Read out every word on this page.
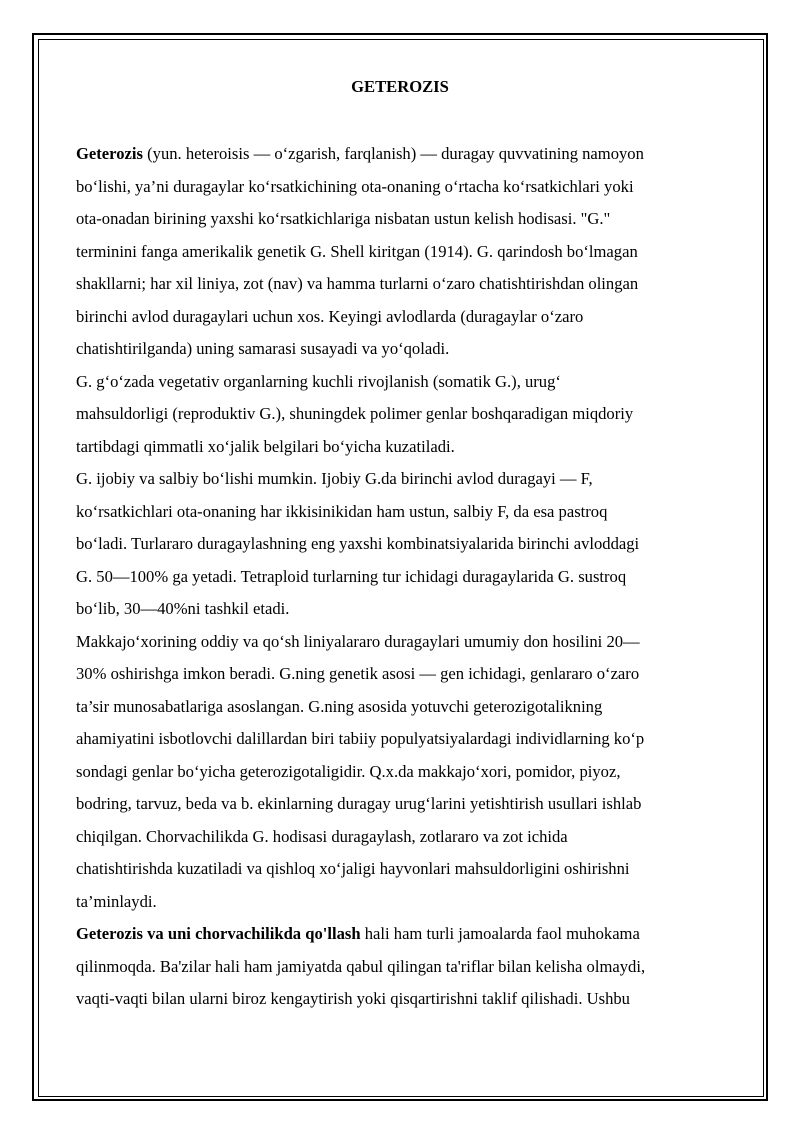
GETEROZIS
Geterozis (yun. heteroisis — o‘zgarish, farqlanish) — duragay quvvatining namoyon
bo‘lishi, ya’ni duragaylar ko‘rsatkichining ota-onaning o‘rtacha ko‘rsatkichlari yoki
ota-onadan birining yaxshi ko‘rsatkichlariga nisbatan ustun kelish hodisasi. "G."
terminini fanga amerikalik genetik G. Shell kiritgan (1914). G. qarindosh bo‘lmagan
shakllarni; har xil liniya, zot (nav) va hamma turlarni o‘zaro chatishtirishdan olingan
birinchi avlod duragaylari uchun xos. Keyingi avlodlarda (duragaylar o‘zaro
chatishtirilganda) uning samarasi susayadi va yo‘qoladi.
G. g‘o‘zada vegetativ organlarning kuchli rivojlanish (somatik G.), urug‘
mahsuldorligi (reproduktiv G.), shuningdek polimer genlar boshqaradigan miqdoriy
tartibdagi qimmatli xo‘jalik belgilari bo‘yicha kuzatiladi.
G. ijobiy va salbiy bo‘lishi mumkin. Ijobiy G.da birinchi avlod duragayi — F,
ko‘rsatkichlari ota-onaning har ikkisinikidan ham ustun, salbiy F, da esa pastroq
bo‘ladi. Turlararo duragaylashning eng yaxshi kombinatsiyalarida birinchi avloddagi
G. 50—100% ga yetadi. Tetraploid turlarning tur ichidagi duragaylarida G. sustroq
bo‘lib, 30—40%ni tashkil etadi.
Makkajo‘xorining oddiy va qo‘sh liniyalararo duragaylari umumiy don hosilini 20—
30% oshirishga imkon beradi. G.ning genetik asosi — gen ichidagi, genlararo o‘zaro
ta’sir munosabatlariga asoslangan. G.ning asosida yotuvchi geterozigotalikning
ahamiyatini isbotlovchi dalillardan biri tabiiy populyatsiyalardagi individlarning ko‘p
sondagi genlar bo‘yicha geterozigotaligidir. Q.x.da makkajo‘xori, pomidor, piyoz,
bodring, tarvuz, beda va b. ekinlarning duragay urug‘larini yetishtirish usullari ishlab
chiqilgan. Chorvachilikda G. hodisasi duragaylash, zotlararo va zot ichida
chatishtirishda kuzatiladi va qishloq xo‘jaligi hayvonlari mahsuldorligini oshirishni
ta’minlaydi.
Geterozis va uni chorvachilikda qo'llash hali ham turli jamoalarda faol muhokama
qilinmoqda. Ba'zilar hali ham jamiyatda qabul qilingan ta'riflar bilan kelisha olmaydi,
vaqti-vaqti bilan ularni biroz kengaytirish yoki qisqartirishni taklif qilishadi. Ushbu
